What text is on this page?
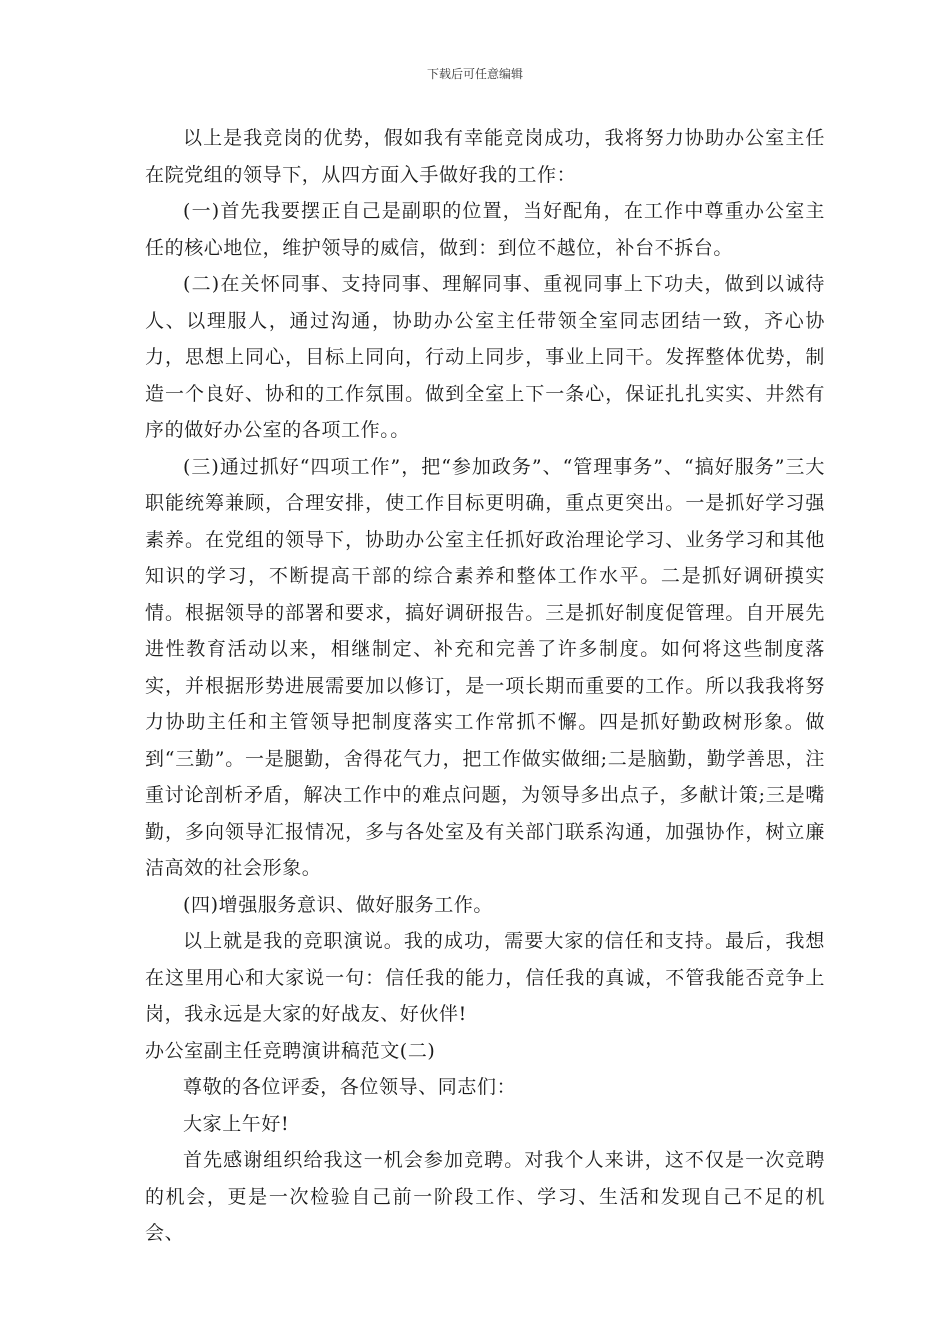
下载后可任意编辑

以上是我竞岗的优势，假如我有幸能竞岗成功，我将努力协助办公室主任在院党组的领导下，从四方面入手做好我的工作：

(一)首先我要摆正自己是副职的位置，当好配角，在工作中尊重办公室主任的核心地位，维护领导的威信，做到：到位不越位，补台不拆台。

(二)在关怀同事、支持同事、理解同事、重视同事上下功夫，做到以诚待人、以理服人，通过沟通，协助办公室主任带领全室同志团结一致，齐心协力，思想上同心，目标上同向，行动上同步，事业上同干。发挥整体优势，制造一个良好、协和的工作氛围。做到全室上下一条心，保证扎扎实实、井然有序的做好办公室的各项工作。。

(三)通过抓好“四项工作”，把“参加政务”、“管理事务”、“搞好服务”三大职能统筹兼顾，合理安排，使工作目标更明确，重点更突出。一是抓好学习强素养。在党组的领导下，协助办公室主任抓好政治理论学习、业务学习和其他知识的学习，不断提高干部的综合素养和整体工作水平。二是抓好调研摸实情。根据领导的部署和要求，搞好调研报告。三是抓好制度促管理。自开展先进性教育活动以来，相继制定、补充和完善了许多制度。如何将这些制度落实，并根据形势进展需要加以修订，是一项长期而重要的工作。所以我我将努力协助主任和主管领导把制度落实工作常抓不懈。四是抓好勤政树形象。做到“三勤”。一是腿勤，舍得花气力，把工作做实做细;二是脑勤，勤学善思，注重讨论剖析矛盾，解决工作中的难点问题，为领导多出点子，多献计策;三是嘴勤，多向领导汇报情况，多与各处室及有关部门联系沟通，加强协作，树立廉洁高效的社会形象。

(四)增强服务意识、做好服务工作。

以上就是我的竞职演说。我的成功，需要大家的信任和支持。最后，我想在这里用心和大家说一句：信任我的能力，信任我的真诚，不管我能否竞争上岗，我永远是大家的好战友、好伙伴!

办公室副主任竞聘演讲稿范文(二)

尊敬的各位评委，各位领导、同志们：

大家上午好!

首先感谢组织给我这一机会参加竞聘。对我个人来讲，这不仅是一次竞聘的机会，更是一次检验自己前一阶段工作、学习、生活和发现自己不足的机会、
